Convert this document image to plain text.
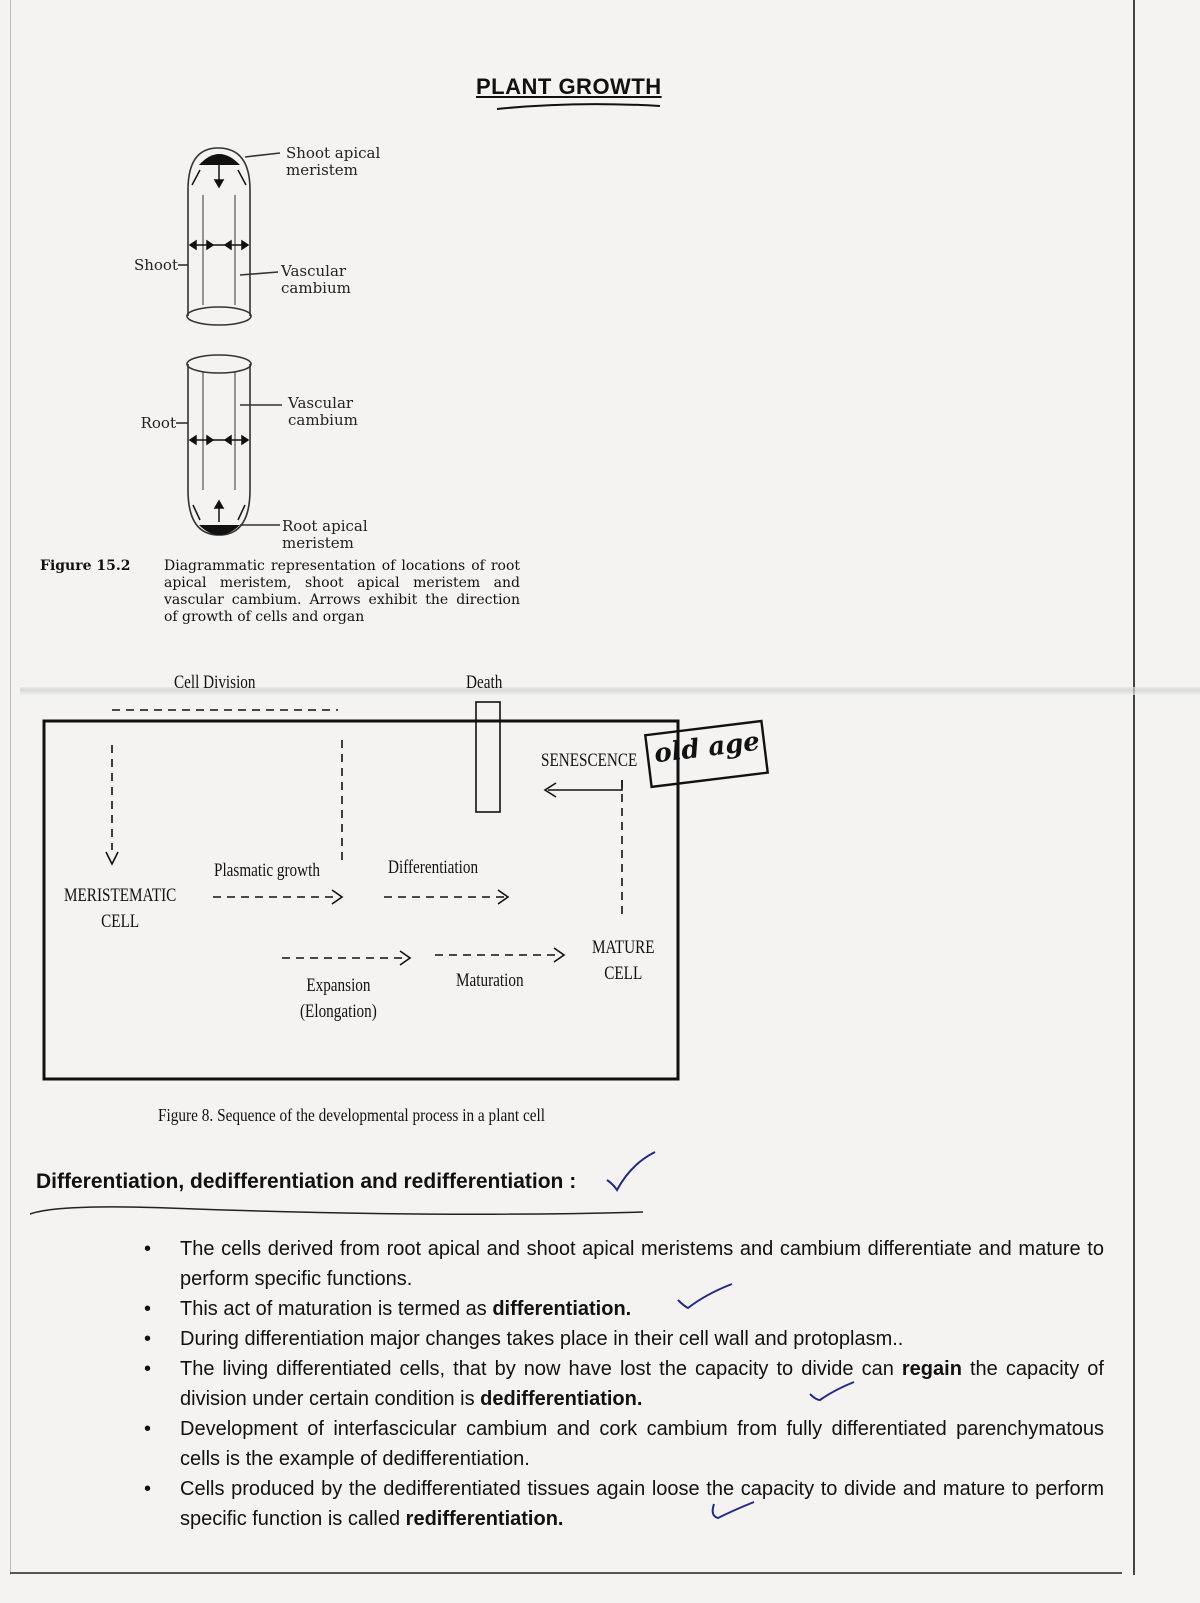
PLANT GROWTH
Shoot apical
meristem
Shoot	Vascular
cambium
Root
Vascular
cambium
Root apical
meristem
Figure 15.2 Diagrammatic representation of locations of root apical meristem, shoot apical meristem and vascular cambium. Arrows exhibit the direction of growth of cells and organ
Cell Division	Death
SENESCENCE old age
MERISTEMATIC
CELL
Plasmatic growth	Differentiation
Expansion
(Elongation)
Maturation
MATURE
CELL
Figure 8. Sequence of the developmental process in a plant cell
Differentiation, dedifferentiation and redifferentiation :
• The cells derived from root apical and shoot apical meristems and cambium differentiate and mature to perform specific functions.
• This act of maturation is termed as differentiation.
• During differentiation major changes takes place in their cell wall and protoplasm..
• The living differentiated cells, that by now have lost the capacity to divide can regain the capacity of division under certain condition is dedifferentiation.
• Development of interfascicular cambium and cork cambium from fully differentiated parenchymatous cells is the example of dedifferentiation.
• Cells produced by the dedifferentiated tissues again loose the capacity to divide and mature to perform specific function is called redifferentiation.
